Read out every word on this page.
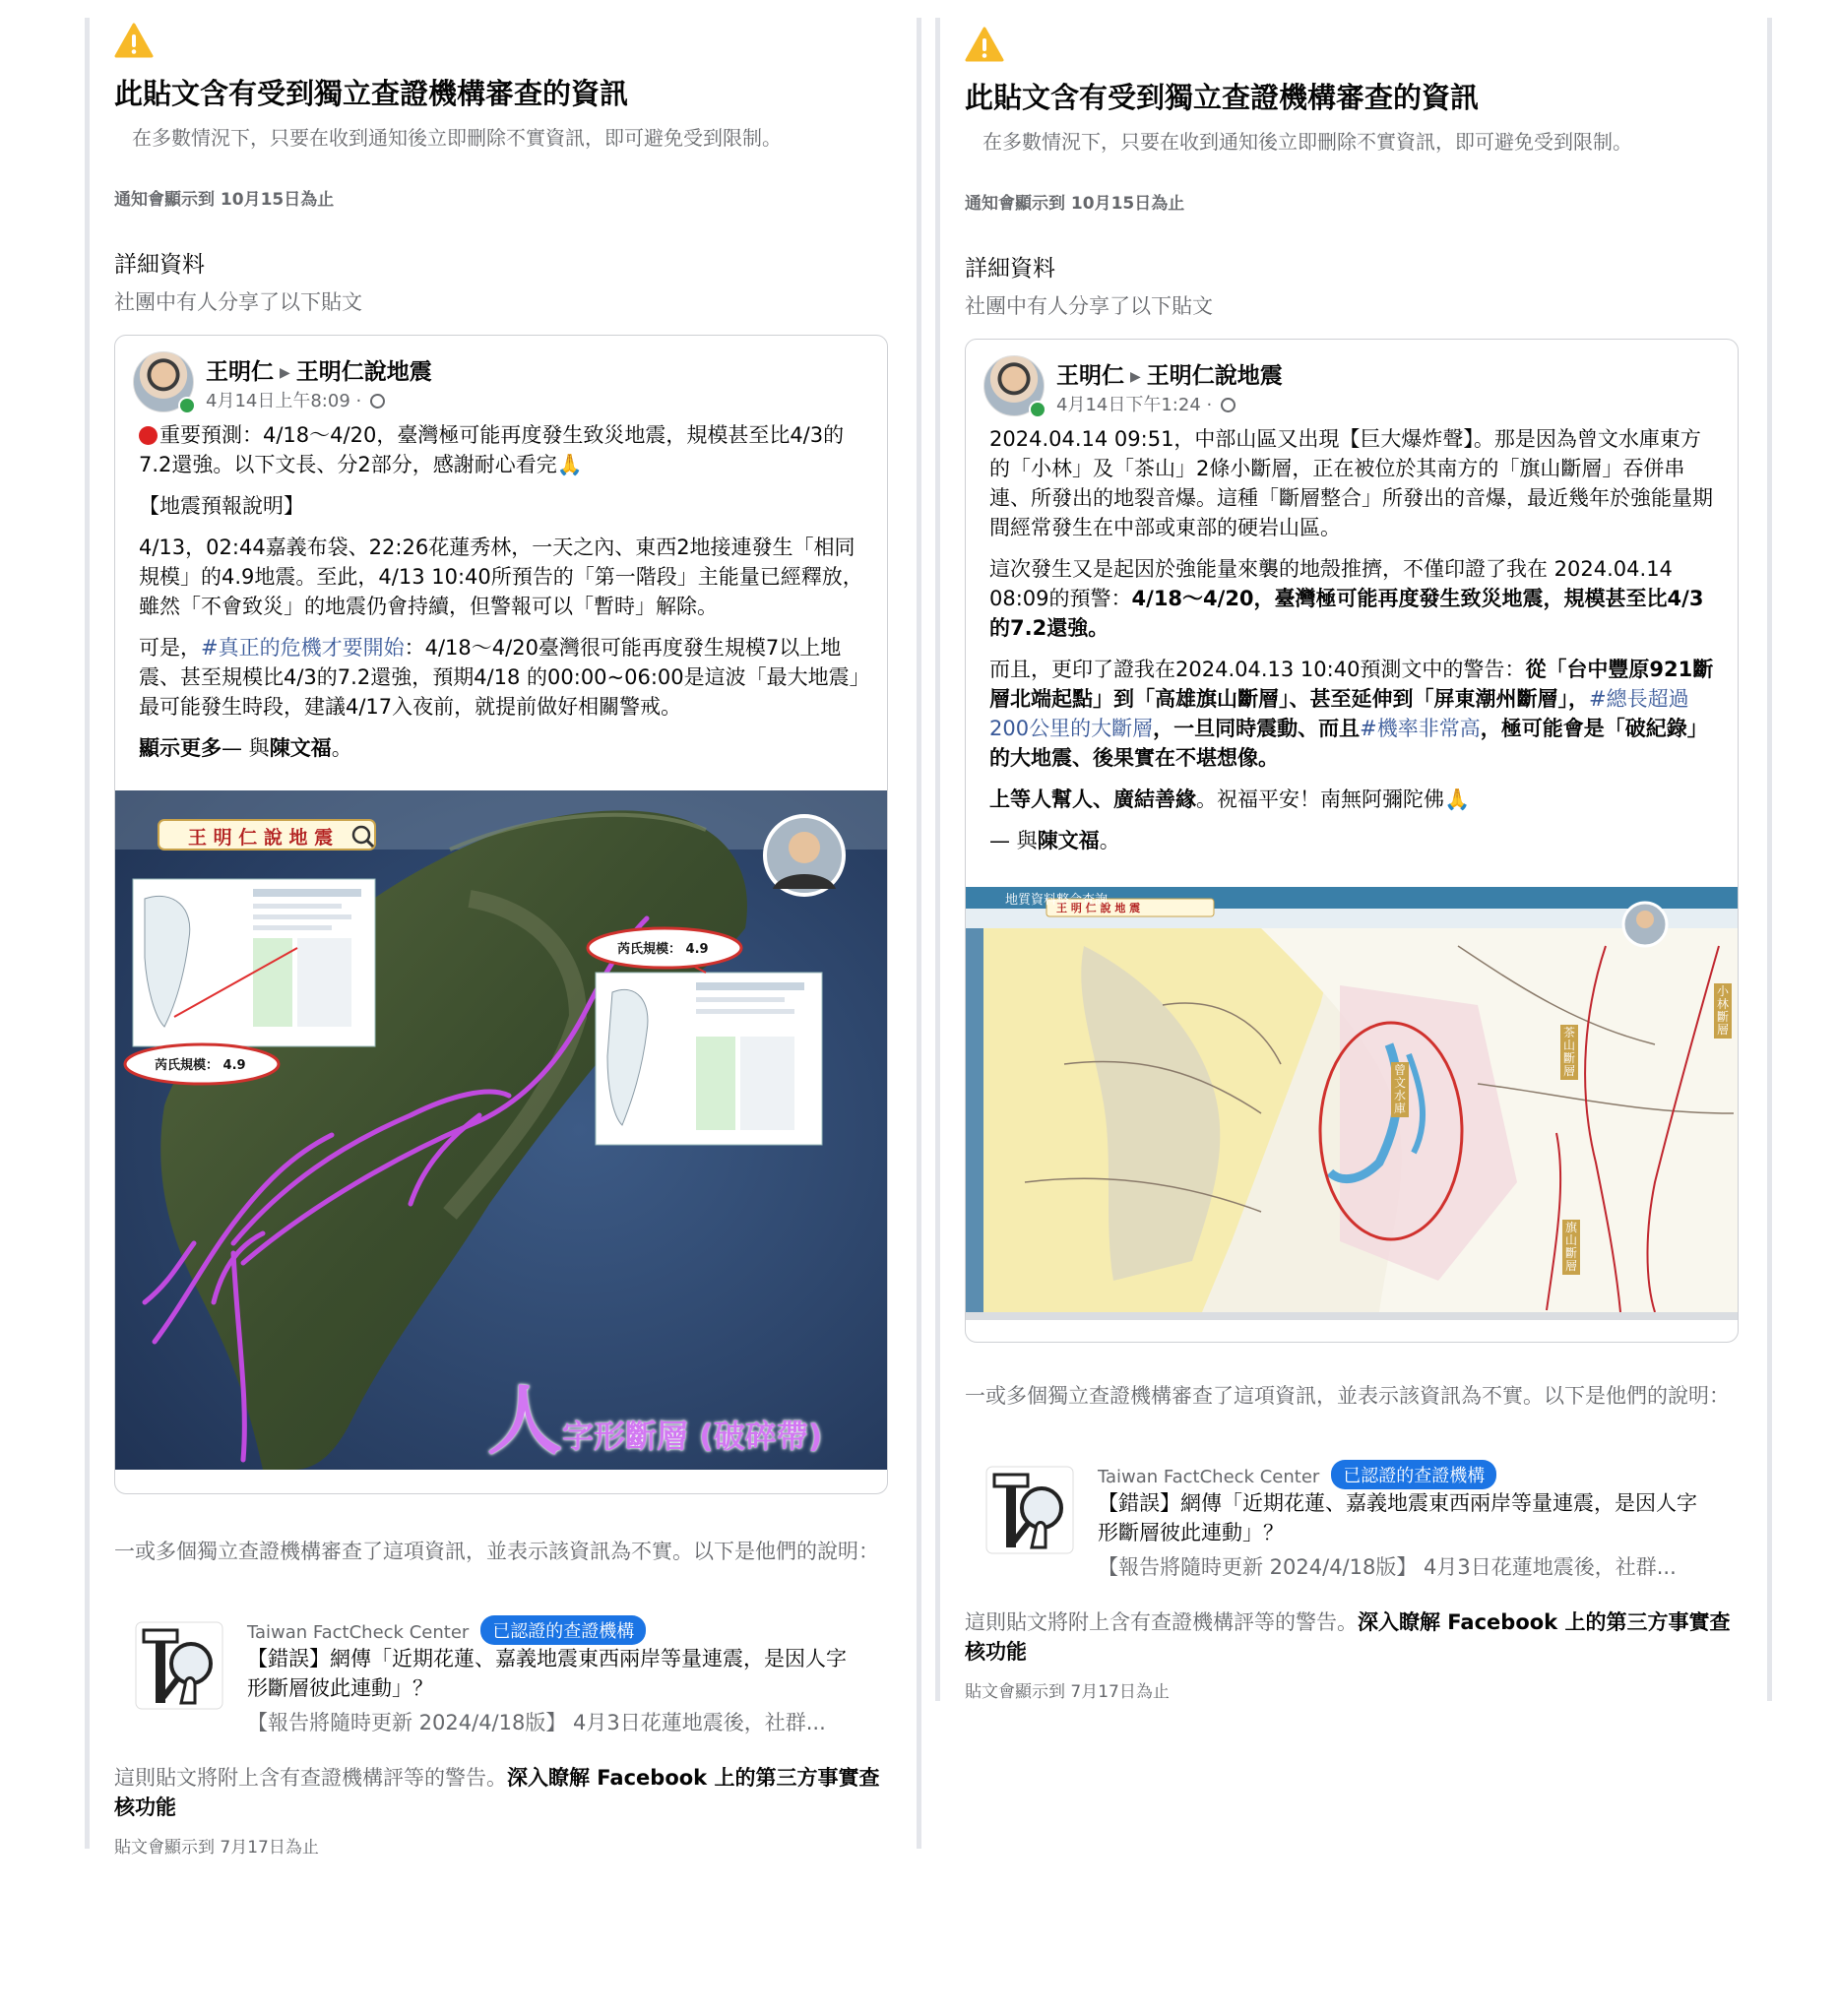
此貼文含有受到獨立查證機構審查的資訊
在多數情況下，只要在收到通知後立即刪除不實資訊，即可避免受到限制。
通知會顯示到 10月15日為止
詳細資料
社團中有人分享了以下貼文
王明仁 ▶ 王明仁說地震
4月14日上午8:09 ·

重要預測：4/18～4/20，臺灣極可能再度發生致災地震，規模甚至比4/3的7.2還強。以下文長、分2部分，感謝耐心看完🙏

【地震預報說明】

4/13，02:44嘉義布袋、22:26花蓮秀林，一天之內、東西2地接連發生「相同規模」的4.9地震。至此，4/13 10:40所預告的「第一階段」主能量已經釋放，雖然「不會致災」的地震仍會持續，但警報可以「暫時」解除。

可是，#真正的危機才要開始：4/18～4/20臺灣很可能再度發生規模7以上地震、甚至規模比4/3的7.2還強，預期4/18 的00:00~06:00是這波「最大地震」最可能發生時段，建議4/17入夜前，就提前做好相關警戒。

顯示更多— 與陳文福。

王 明 仁 說 地 震
芮氏規模： 4.9
芮氏規模： 4.9
人字形斷層 (破碎帶)
一或多個獨立查證機構審查了這項資訊，並表示該資訊為不實。以下是他們的說明：
Taiwan FactCheck Center 已認證的查證機構
【錯誤】網傳「近期花蓮、嘉義地震東西兩岸等量連震，是因人字形斷層彼此連動」？
【報告將隨時更新 2024/4/18版】 4月3日花蓮地震後，社群...
這則貼文將附上含有查證機構評等的警告。深入瞭解 Facebook 上的第三方事實查核功能
貼文會顯示到 7月17日為止
此貼文含有受到獨立查證機構審查的資訊
在多數情況下，只要在收到通知後立即刪除不實資訊，即可避免受到限制。
通知會顯示到 10月15日為止
詳細資料
社團中有人分享了以下貼文
王明仁 ▶ 王明仁說地震
4月14日下午1:24 ·

2024.04.14 09:51，中部山區又出現【巨大爆炸聲】。那是因為曾文水庫東方的「小林」及「茶山」2條小斷層，正在被位於其南方的「旗山斷層」吞併串連、所發出的地裂音爆。這種「斷層整合」所發出的音爆，最近幾年於強能量期間經常發生在中部或東部的硬岩山區。

這次發生又是起因於強能量來襲的地殼推擠，不僅印證了我在 2024.04.14 08:09的預警：4/18～4/20，臺灣極可能再度發生致災地震，規模甚至比4/3的7.2還強。

而且，更印了證我在2024.04.13 10:40預測文中的警告：從「台中豐原921斷層北端起點」到「高雄旗山斷層」、甚至延伸到「屏東潮州斷層」，#總長超過200公里的大斷層，一旦同時震動、而且#機率非常高，極可能會是「破紀錄」的大地震、後果實在不堪想像。

上等人幫人、廣結善緣。祝福平安！南無阿彌陀佛🙏

— 與陳文福。

地質資料整合查詢
王 明 仁 說 地 震
曾文水庫
茶山斷層
小林斷層
旗山斷層
一或多個獨立查證機構審查了這項資訊，並表示該資訊為不實。以下是他們的說明：
Taiwan FactCheck Center 已認證的查證機構
【錯誤】網傳「近期花蓮、嘉義地震東西兩岸等量連震，是因人字形斷層彼此連動」？
【報告將隨時更新 2024/4/18版】 4月3日花蓮地震後，社群...
這則貼文將附上含有查證機構評等的警告。深入瞭解 Facebook 上的第三方事實查核功能
貼文會顯示到 7月17日為止
